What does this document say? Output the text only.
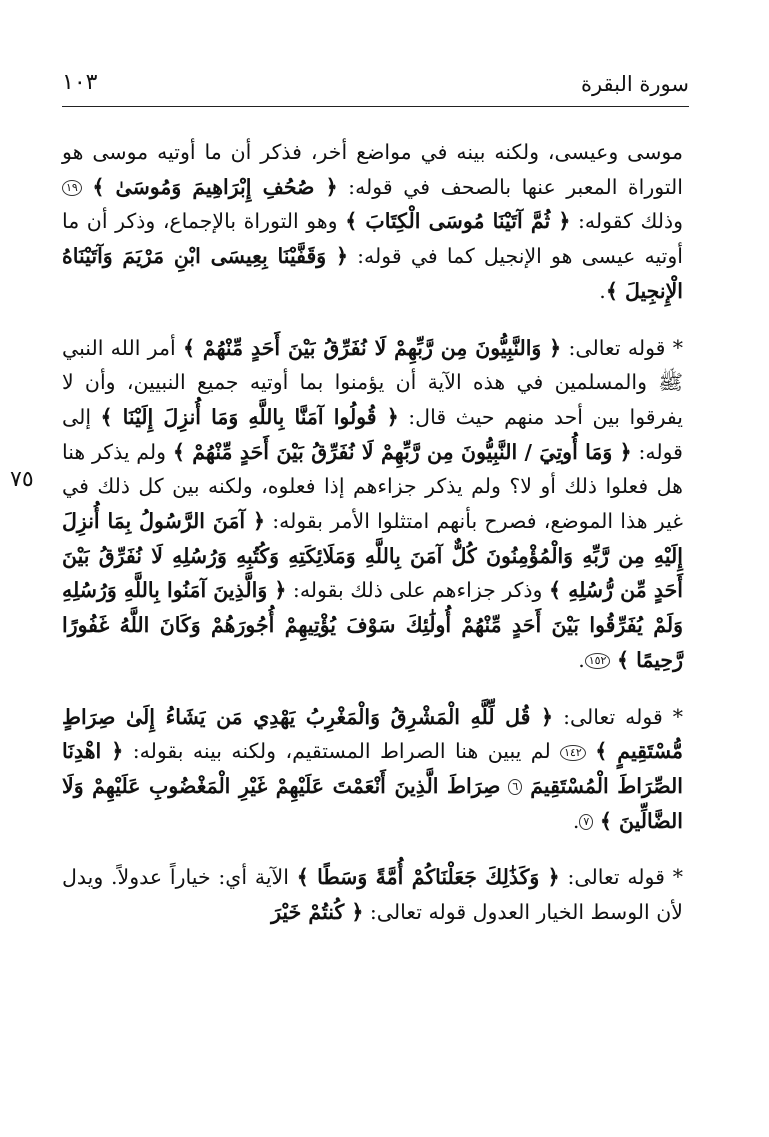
١٠٣	سورة البقرة
٧٥

موسى وعيسى، ولكنه بينه في مواضع أخر، فذكر أن ما أوتيه موسى هو التوراة المعبر عنها بالصحف في قوله: ﴿ صُحُفِ إِبْرَاهِيمَ وَمُوسَىٰ ﴾ ١٩ وذلك كقوله: ﴿ ثُمَّ آتَيْنَا مُوسَى الْكِتَابَ ﴾ وهو التوراة بالإجماع، وذكر أن ما أوتيه عيسى هو الإنجيل كما في قوله: ﴿ وَقَفَّيْنَا بِعِيسَى ابْنِ مَرْيَمَ وَآتَيْنَاهُ الْإِنجِيلَ ﴾.

* قوله تعالى: ﴿ وَالنَّبِيُّونَ مِن رَّبِّهِمْ لَا نُفَرِّقُ بَيْنَ أَحَدٍ مِّنْهُمْ ﴾ أمر الله النبي ﷺ والمسلمين في هذه الآية أن يؤمنوا بما أوتيه جميع النبيين، وأن لا يفرقوا بين أحد منهم حيث قال: ﴿ قُولُوا آمَنَّا بِاللَّهِ وَمَا أُنزِلَ إِلَيْنَا ﴾ إلى قوله: ﴿ وَمَا أُوتِيَ / النَّبِيُّونَ مِن رَّبِّهِمْ لَا نُفَرِّقُ بَيْنَ أَحَدٍ مِّنْهُمْ ﴾ ولم يذكر هنا هل فعلوا ذلك أو لا؟ ولم يذكر جزاءهم إذا فعلوه، ولكنه بين كل ذلك في غير هذا الموضع، فصرح بأنهم امتثلوا الأمر بقوله: ﴿ آمَنَ الرَّسُولُ بِمَا أُنزِلَ إِلَيْهِ مِن رَّبِّهِ وَالْمُؤْمِنُونَ كُلٌّ آمَنَ بِاللَّهِ وَمَلَائِكَتِهِ وَكُتُبِهِ وَرُسُلِهِ لَا نُفَرِّقُ بَيْنَ أَحَدٍ مِّن رُّسُلِهِ ﴾ وذكر جزاءهم على ذلك بقوله: ﴿ وَالَّذِينَ آمَنُوا بِاللَّهِ وَرُسُلِهِ وَلَمْ يُفَرِّقُوا بَيْنَ أَحَدٍ مِّنْهُمْ أُولَٰئِكَ سَوْفَ يُؤْتِيهِمْ أُجُورَهُمْ وَكَانَ اللَّهُ غَفُورًا رَّحِيمًا ﴾ ١٥٢.

* قوله تعالى: ﴿ قُل لِّلَّهِ الْمَشْرِقُ وَالْمَغْرِبُ يَهْدِي مَن يَشَاءُ إِلَىٰ صِرَاطٍ مُّسْتَقِيمٍ ﴾ ١٤٢ لم يبين هنا الصراط المستقيم، ولكنه بينه بقوله: ﴿ اهْدِنَا الصِّرَاطَ الْمُسْتَقِيمَ ٦ صِرَاطَ الَّذِينَ أَنْعَمْتَ عَلَيْهِمْ غَيْرِ الْمَغْضُوبِ عَلَيْهِمْ وَلَا الضَّالِّينَ ﴾ ٧.

* قوله تعالى: ﴿ وَكَذَٰلِكَ جَعَلْنَاكُمْ أُمَّةً وَسَطًا ﴾ الآية أي: خياراً عدولاً. ويدل لأن الوسط الخيار العدول قوله تعالى: ﴿ كُنتُمْ خَيْرَ
